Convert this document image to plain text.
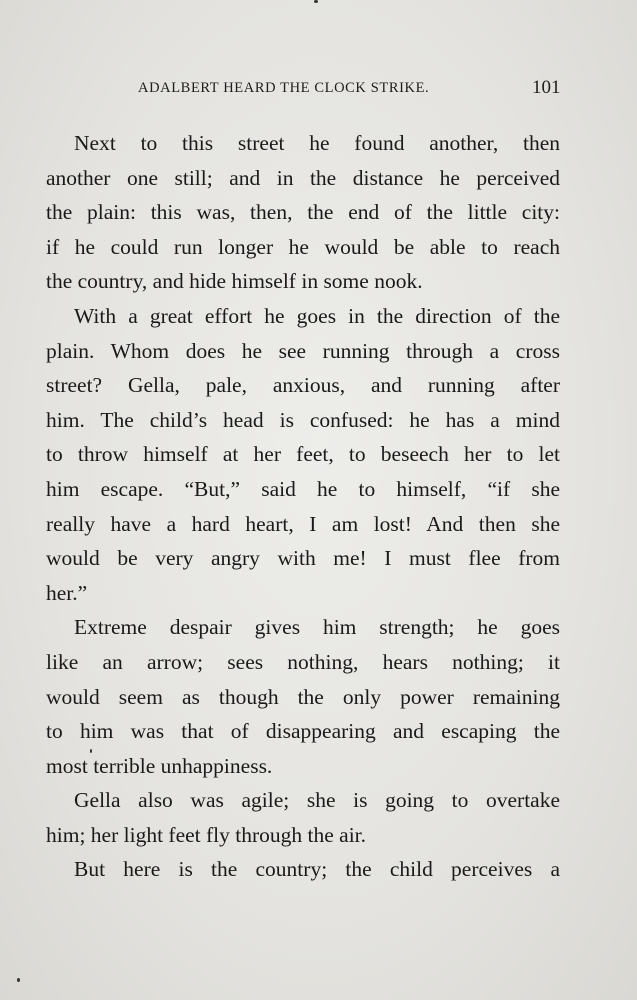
ADALBERT HEARD THE CLOCK STRIKE.	101
Next to this street he found another, then
another one still; and in the distance he perceived
the plain: this was, then, the end of the little city:
if he could run longer he would be able to reach
the country, and hide himself in some nook.
With a great effort he goes in the direction of the
plain. Whom does he see running through a cross
street? Gella, pale, anxious, and running after
him. The child’s head is confused: he has a mind
to throw himself at her feet, to beseech her to let
him escape. “But,” said he to himself, “if she
really have a hard heart, I am lost! And then she
would be very angry with me! I must flee from
her.”
Extreme despair gives him strength; he goes
like an arrow; sees nothing, hears nothing; it
would seem as though the only power remaining
to him was that of disappearing and escaping the
most terrible unhappiness.
Gella also was agile; she is going to overtake
him; her light feet fly through the air.
But here is the country; the child perceives a
